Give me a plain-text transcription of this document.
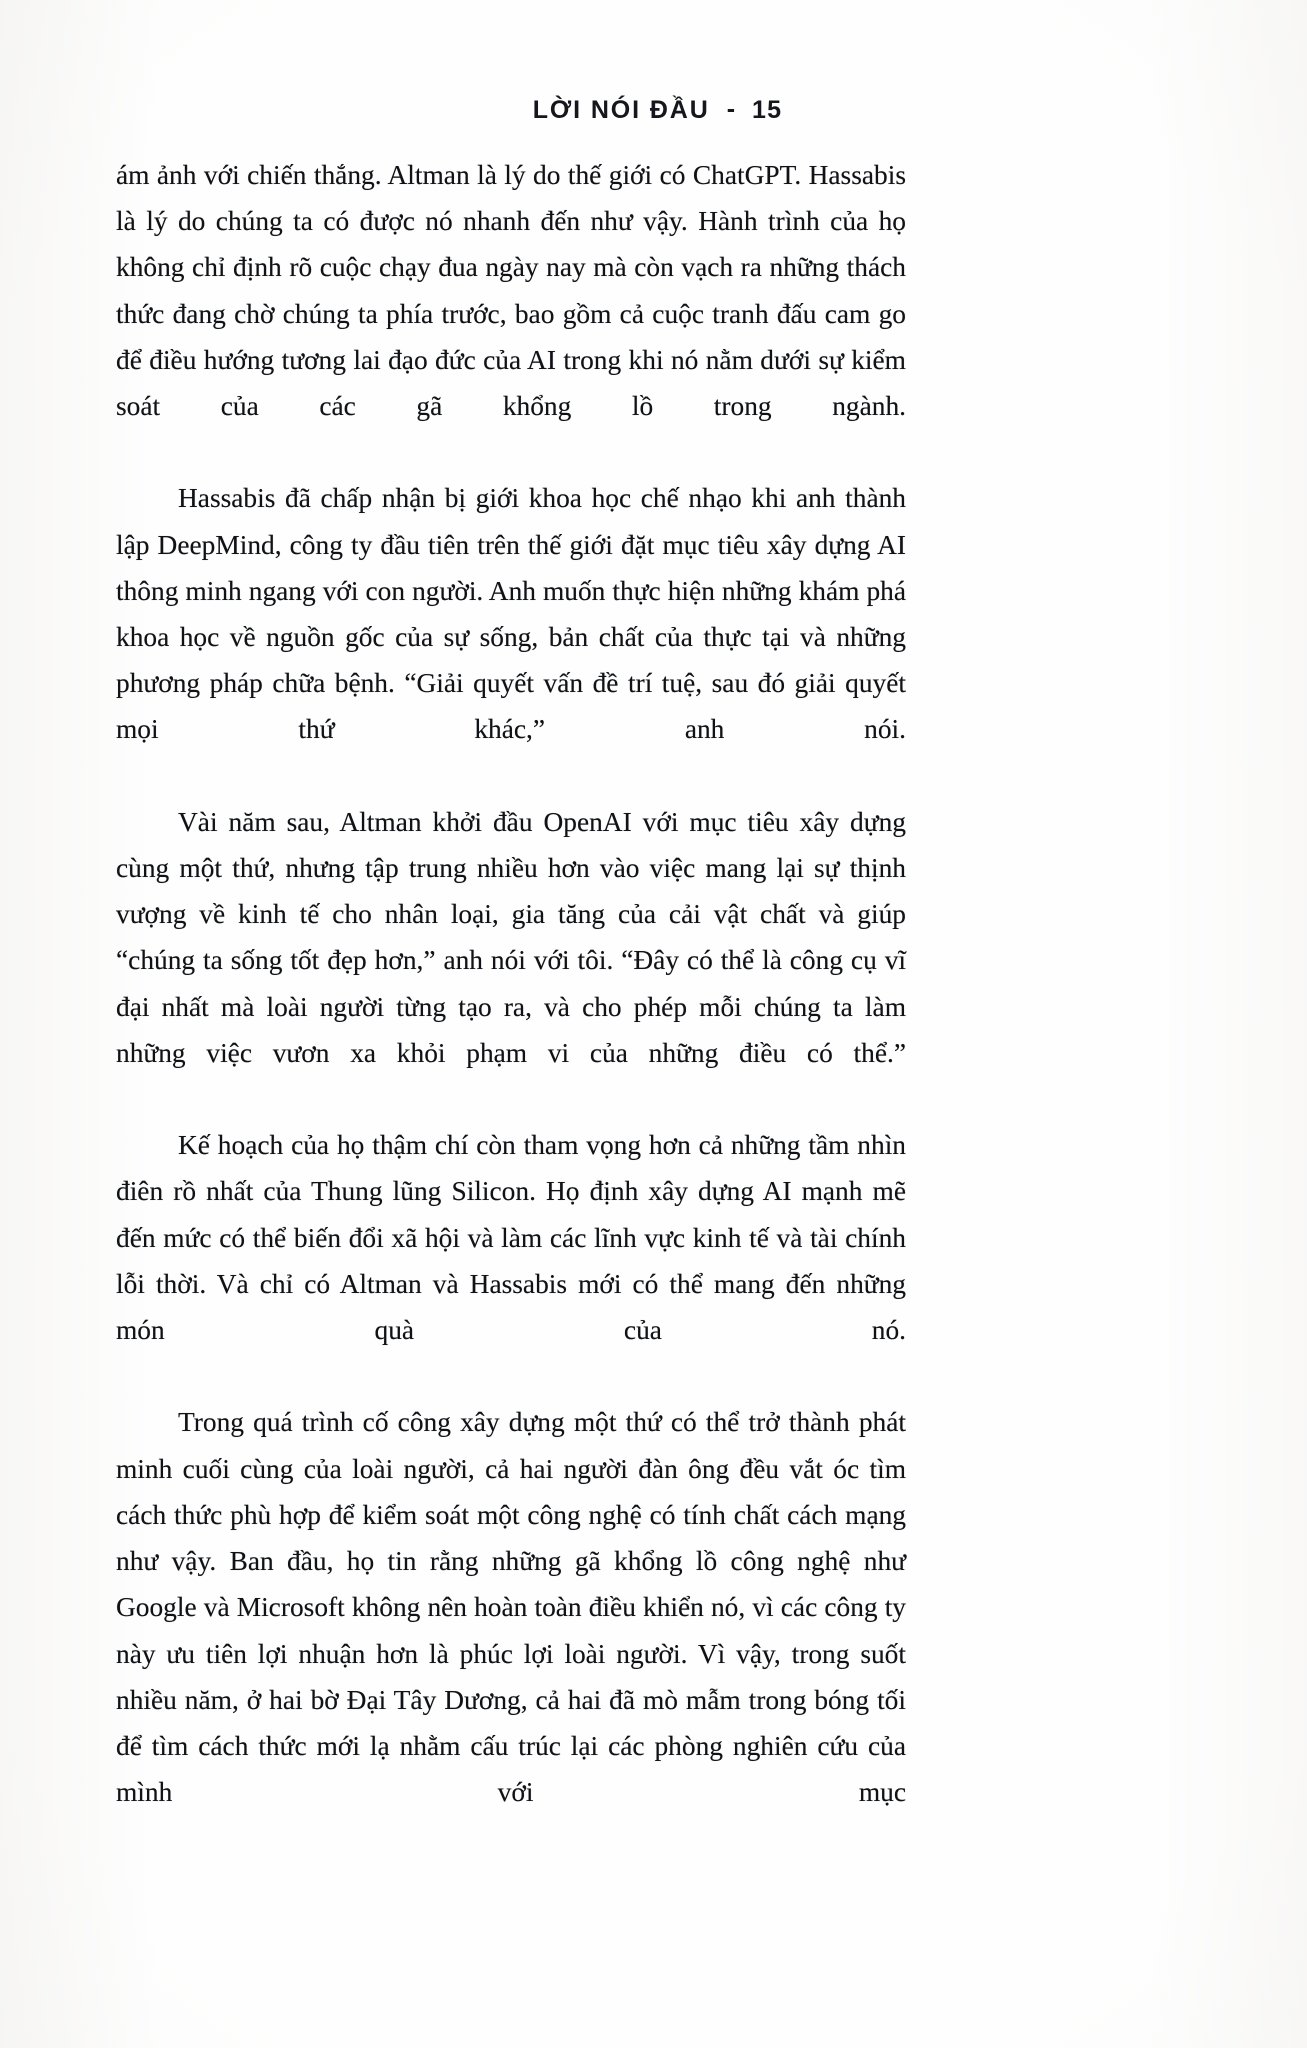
LỜI NÓI ĐẦU - 15

ám ảnh với chiến thắng. Altman là lý do thế giới có ChatGPT. Hassabis là lý do chúng ta có được nó nhanh đến như vậy. Hành trình của họ không chỉ định rõ cuộc chạy đua ngày nay mà còn vạch ra những thách thức đang chờ chúng ta phía trước, bao gồm cả cuộc tranh đấu cam go để điều hướng tương lai đạo đức của AI trong khi nó nằm dưới sự kiểm soát của các gã khổng lồ trong ngành.

Hassabis đã chấp nhận bị giới khoa học chế nhạo khi anh thành lập DeepMind, công ty đầu tiên trên thế giới đặt mục tiêu xây dựng AI thông minh ngang với con người. Anh muốn thực hiện những khám phá khoa học về nguồn gốc của sự sống, bản chất của thực tại và những phương pháp chữa bệnh. “Giải quyết vấn đề trí tuệ, sau đó giải quyết mọi thứ khác,” anh nói.

Vài năm sau, Altman khởi đầu OpenAI với mục tiêu xây dựng cùng một thứ, nhưng tập trung nhiều hơn vào việc mang lại sự thịnh vượng về kinh tế cho nhân loại, gia tăng của cải vật chất và giúp “chúng ta sống tốt đẹp hơn,” anh nói với tôi. “Đây có thể là công cụ vĩ đại nhất mà loài người từng tạo ra, và cho phép mỗi chúng ta làm những việc vươn xa khỏi phạm vi của những điều có thể.”

Kế hoạch của họ thậm chí còn tham vọng hơn cả những tầm nhìn điên rồ nhất của Thung lũng Silicon. Họ định xây dựng AI mạnh mẽ đến mức có thể biến đổi xã hội và làm các lĩnh vực kinh tế và tài chính lỗi thời. Và chỉ có Altman và Hassabis mới có thể mang đến những món quà của nó.

Trong quá trình cố công xây dựng một thứ có thể trở thành phát minh cuối cùng của loài người, cả hai người đàn ông đều vắt óc tìm cách thức phù hợp để kiểm soát một công nghệ có tính chất cách mạng như vậy. Ban đầu, họ tin rằng những gã khổng lồ công nghệ như Google và Microsoft không nên hoàn toàn điều khiển nó, vì các công ty này ưu tiên lợi nhuận hơn là phúc lợi loài người. Vì vậy, trong suốt nhiều năm, ở hai bờ Đại Tây Dương, cả hai đã mò mẫm trong bóng tối để tìm cách thức mới lạ nhằm cấu trúc lại các phòng nghiên cứu của mình với mục
